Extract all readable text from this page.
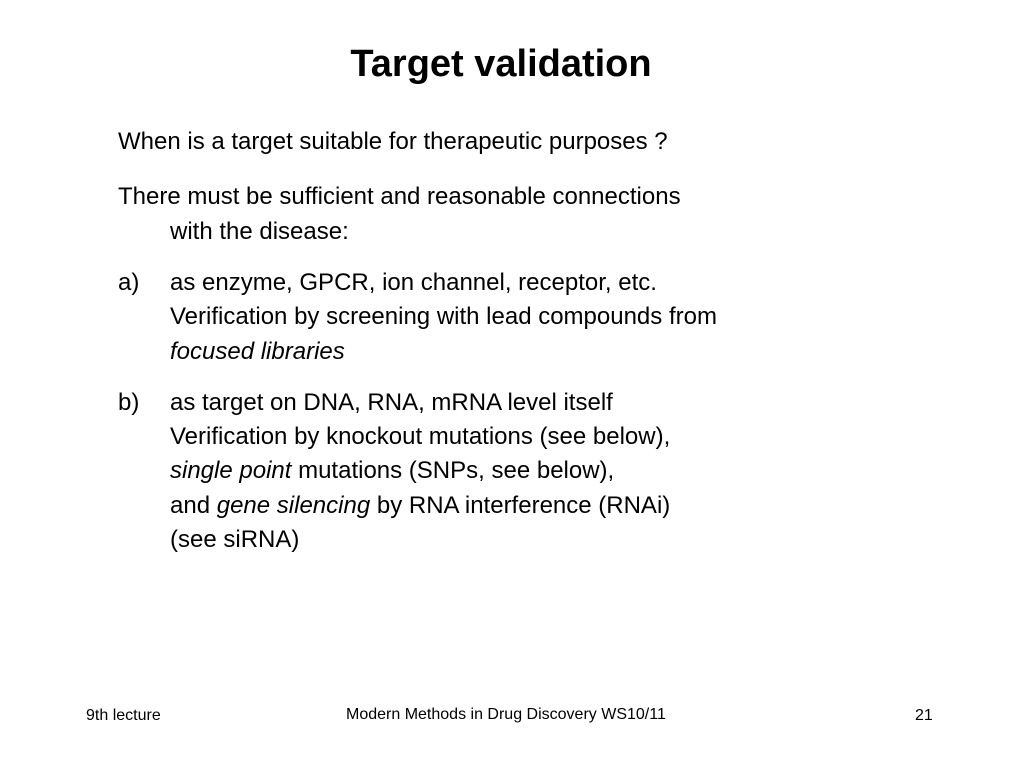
Target validation

When is a target suitable for therapeutic purposes ?

There must be sufficient and reasonable connections

with the disease:

a) as enzyme, GPCR, ion channel, receptor, etc.

Verification by screening with lead compounds from

focused libraries

b) as target on DNA, RNA, mRNA level itself

Verification by knockout mutations (see below),

single point mutations (SNPs, see below),

and gene silencing by RNA interference (RNAi)

(see siRNA)

9th lecture	Modern Methods in Drug Discovery WS10/11	21
